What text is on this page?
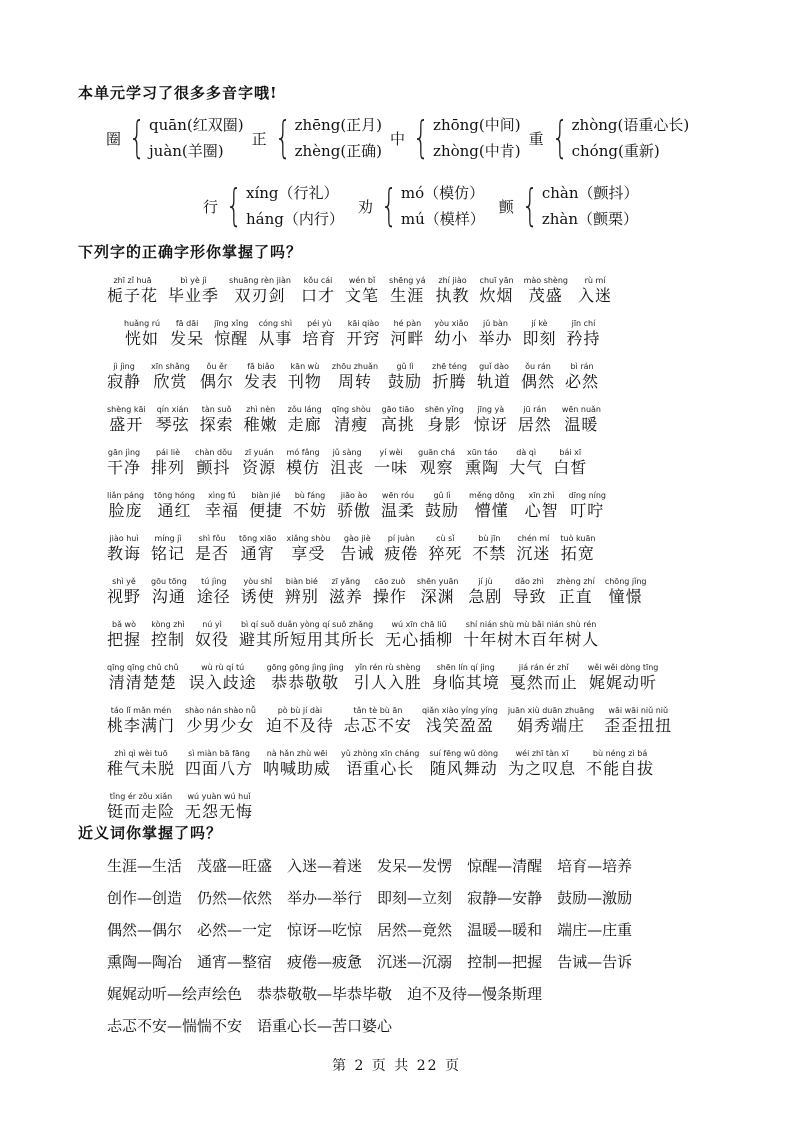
本单元学习了很多多音字哦!
圈 { quān(红双圈)
juàn(羊圈)
正 { zhēng(正月)
zhèng(正确)
中 { zhōng(中间)
zhòng(中肯)
重 { zhòng(语重心长)
chóng(重新)
行 { xíng（行礼）
háng（内行）
劝 { mó（模仿）
mú（模样）
颤 { chàn（颤抖）
zhàn（颤栗）
下列字的正确字形你掌握了吗？
zhī zǐ huā
栀子花
bì yè jì
毕业季
shuāng rèn jiàn
双刃剑
kǒu cái
口才
wén bǐ
文笔
shēng yá
生涯
zhí jiào
执教
chuī yān
炊烟
mào shèng
茂盛
rù mí
入迷
huǎng rú
恍如
fā dāi
发呆
jīng xǐng
惊醒
cóng shì
从事
péi yù
培育
kāi qiào
开窍
hé pàn
河畔
yòu xiǎo
幼小
jǔ bàn
举办
jí kè
即刻
jīn chí
矜持
jì jìng
寂静
xīn shǎng
欣赏
ǒu ěr
偶尔
fā biǎo
发表
kān wù
刊物
zhōu zhuǎn
周转
gǔ lì
鼓励
zhē téng
折腾
guǐ dào
轨道
ǒu rán
偶然
bì rán
必然
shèng kāi
盛开
qín xián
琴弦
tàn suǒ
探索
zhì nèn
稚嫩
zǒu láng
走廊
qīng shòu
清瘦
gāo tiāo
高挑
shēn yǐng
身影
jīng yà
惊讶
jū rán
居然
wēn nuǎn
温暖
gān jìng
干净
pái liè
排列
chàn dǒu
颤抖
zī yuán
资源
mó fǎng
模仿
jǔ sàng
沮丧
yí wèi
一味
guān chá
观察
xūn táo
熏陶
dà qì
大气
bái xī
白皙
liǎn páng
脸庞
tōng hóng
通红
xìng fú
幸福
biàn jié
便捷
bù fáng
不妨
jiāo ào
骄傲
wēn róu
温柔
gǔ lì
鼓励
měng dǒng
懵懂
xīn zhì
心智
dīng níng
叮咛
jiào huì
教诲
míng jì
铭记
shì fǒu
是否
tōng xiāo
通宵
xiǎng shòu
享受
gào jiè
告诫
pí juàn
疲倦
cù sǐ
猝死
bù jīn
不禁
chén mí
沉迷
tuò kuān
拓宽
shì yě
视野
gōu tōng
沟通
tú jìng
途径
yòu shǐ
诱使
biàn bié
辨别
zī yǎng
滋养
cāo zuò
操作
shēn yuān
深渊
jí jù
急剧
dǎo zhì
导致
zhèng zhí
正直
chōng jǐng
憧憬
bǎ wò
把握
kòng zhì
控制
nú yì
奴役
bì qí suǒ duǎn yòng qí suǒ zhǎng
避其所短用其所长
wú xīn chā liǔ
无心插柳
shí nián shù mù bǎi nián shù rén
十年树木百年树人
qīng qīng chǔ chǔ
清清楚楚
wù rù qí tú
误入歧途
gōng gōng jìng jìng
恭恭敬敬
yǐn rén rù shèng
引人入胜
shēn lín qí jìng
身临其境
jiá rán ér zhǐ
戛然而止
wěi wěi dòng tīng
娓娓动听
táo lǐ mǎn mén
桃李满门
shào nán shào nǚ
少男少女
pò bù jí dài
迫不及待
tǎn tè bù ān
忐忑不安
qiǎn xiào yíng yíng
浅笑盈盈
juān xiù duān zhuāng
娟秀端庄
wāi wāi niǔ niǔ
歪歪扭扭
zhì qì wèi tuō
稚气未脱
sì miàn bā fāng
四面八方
nà hǎn zhù wēi
呐喊助威
yǔ zhòng xīn cháng
语重心长
suí fēng wǔ dòng
随风舞动
wéi zhī tàn xī
为之叹息
bù néng zì bá
不能自拔
tǐng ér zǒu xiǎn
铤而走险
wú yuàn wú huǐ
无怨无悔
近义词你掌握了吗？
生涯—生活 茂盛—旺盛 入迷—着迷 发呆—发愣 惊醒—清醒 培育—培养
创作—创造 仍然—依然 举办—举行 即刻—立刻 寂静—安静 鼓励—激励
偶然—偶尔 必然—一定 惊讶—吃惊 居然—竟然 温暖—暖和 端庄—庄重
熏陶—陶冶 通宵—整宿 疲倦—疲惫 沉迷—沉溺 控制—把握 告诫—告诉
娓娓动听—绘声绘色 恭恭敬敬—毕恭毕敬 迫不及待—慢条斯理
忐忑不安—惴惴不安 语重心长—苦口婆心
第 2 页 共 22 页
